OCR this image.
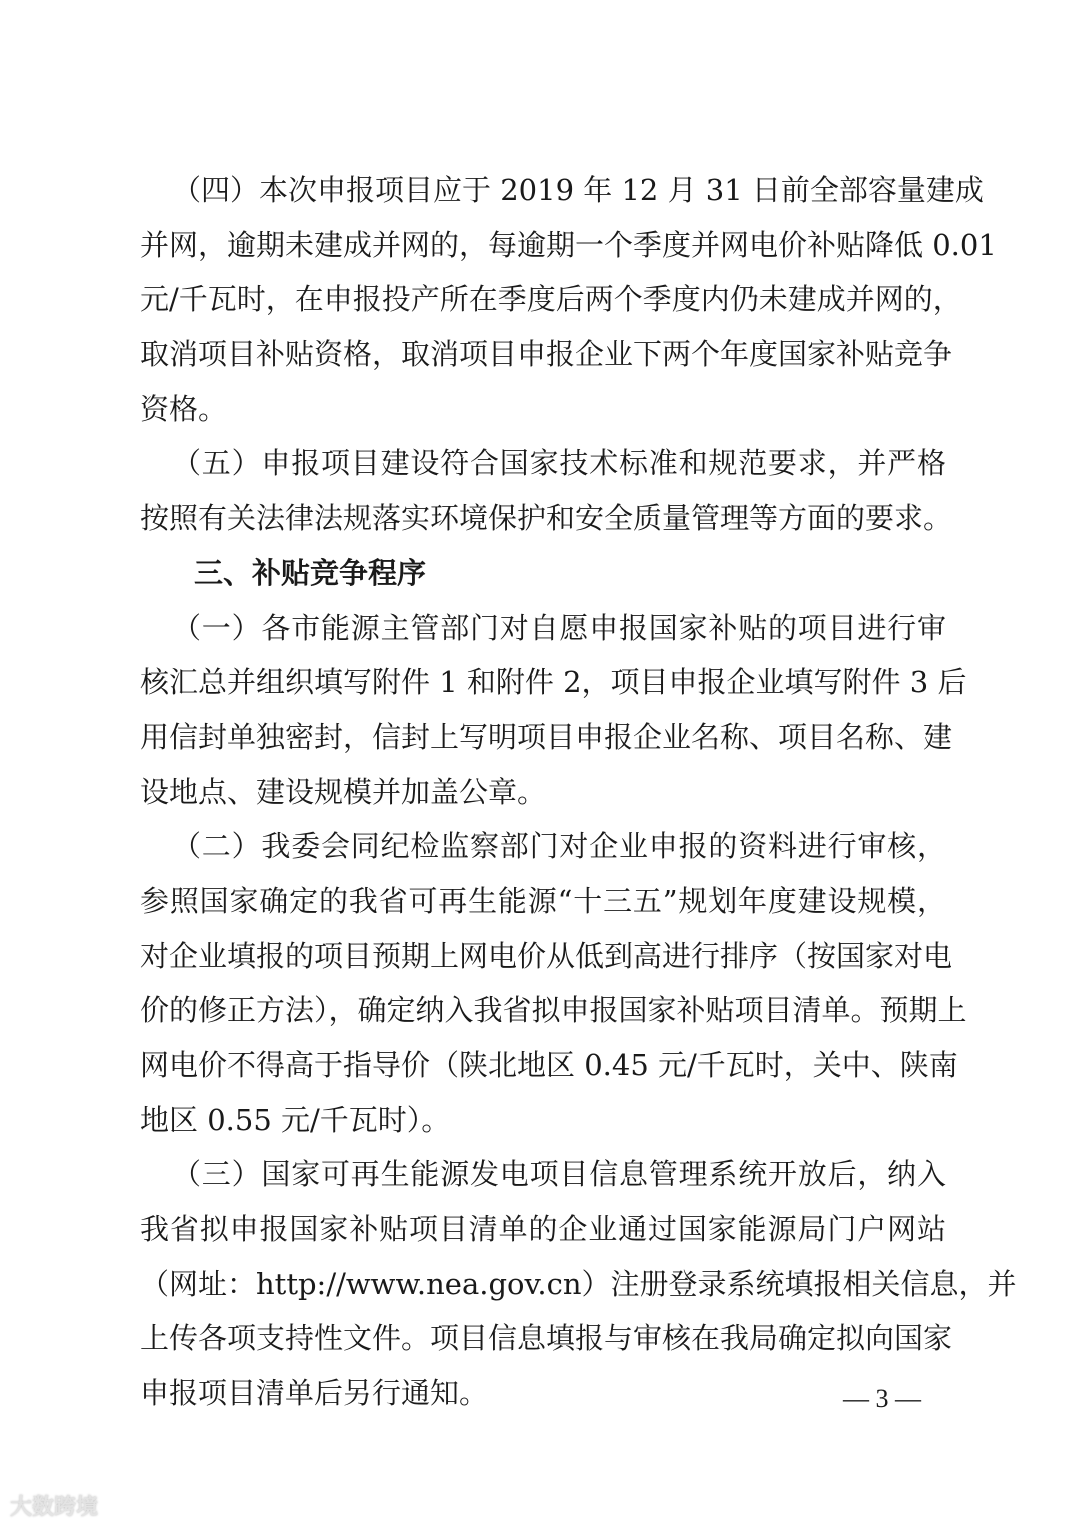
（四）本次申报项目应于 2019 年 12 月 31 日前全部容量建成
并网，逾期未建成并网的，每逾期一个季度并网电价补贴降低 0.01
元/千瓦时，在申报投产所在季度后两个季度内仍未建成并网的，
取消项目补贴资格，取消项目申报企业下两个年度国家补贴竞争
资格。
（五）申报项目建设符合国家技术标准和规范要求，并严格
按照有关法律法规落实环境保护和安全质量管理等方面的要求。
三、补贴竞争程序
（一）各市能源主管部门对自愿申报国家补贴的项目进行审
核汇总并组织填写附件 1 和附件 2，项目申报企业填写附件 3 后
用信封单独密封，信封上写明项目申报企业名称、项目名称、建
设地点、建设规模并加盖公章。
（二）我委会同纪检监察部门对企业申报的资料进行审核，
参照国家确定的我省可再生能源“十三五”规划年度建设规模，
对企业填报的项目预期上网电价从低到高进行排序（按国家对电
价的修正方法），确定纳入我省拟申报国家补贴项目清单。预期上
网电价不得高于指导价（陕北地区 0.45 元/千瓦时，关中、陕南
地区 0.55 元/千瓦时）。
（三）国家可再生能源发电项目信息管理系统开放后，纳入
我省拟申报国家补贴项目清单的企业通过国家能源局门户网站
（网址：http://www.nea.gov.cn）注册登录系统填报相关信息，并
上传各项支持性文件。项目信息填报与审核在我局确定拟向国家
申报项目清单后另行通知。	— 3 —
大数跨境
